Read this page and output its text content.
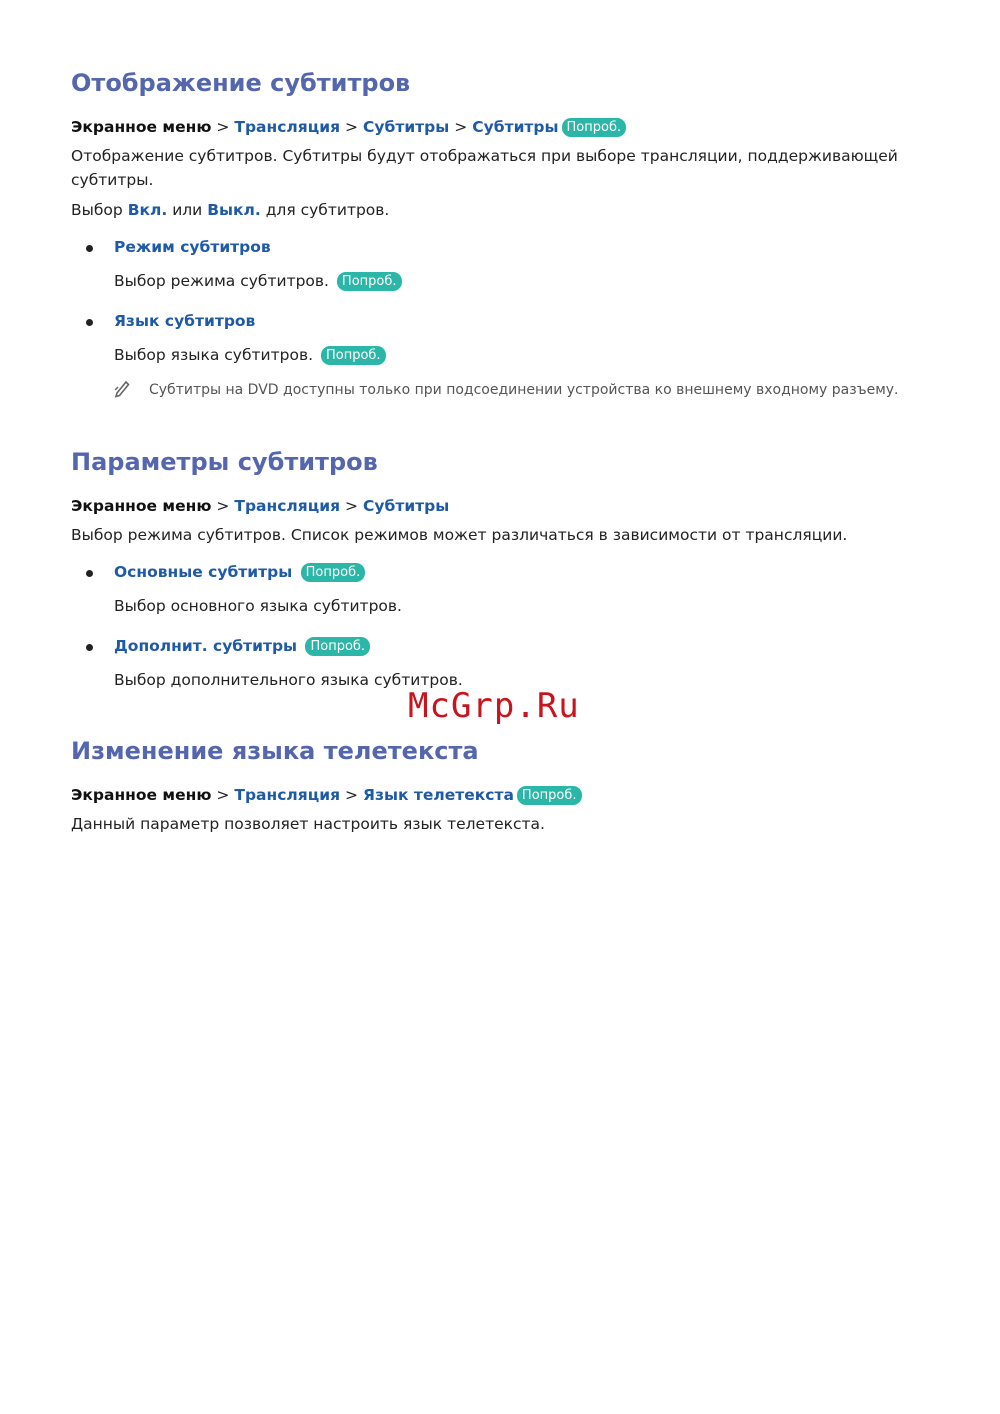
Отображение субтитров
Экранное меню > Трансляция > Субтитры > Субтитры Попроб.
Отображение субтитров. Субтитры будут отображаться при выборе трансляции, поддерживающей субтитры.
Выбор Вкл. или Выкл. для субтитров.
Режим субтитров
Выбор режима субтитров. Попроб.
Язык субтитров
Выбор языка субтитров. Попроб.
Субтитры на DVD доступны только при подсоединении устройства ко внешнему входному разъему.
Параметры субтитров
Экранное меню > Трансляция > Субтитры
Выбор режима субтитров. Список режимов может различаться в зависимости от трансляции.
Основные субтитры Попроб.
Выбор основного языка субтитров.
Дополнит. субтитры Попроб.
Выбор дополнительного языка субтитров.
McGrp.Ru
Изменение языка телетекста
Экранное меню > Трансляция > Язык телетекста Попроб.
Данный параметр позволяет настроить язык телетекста.
